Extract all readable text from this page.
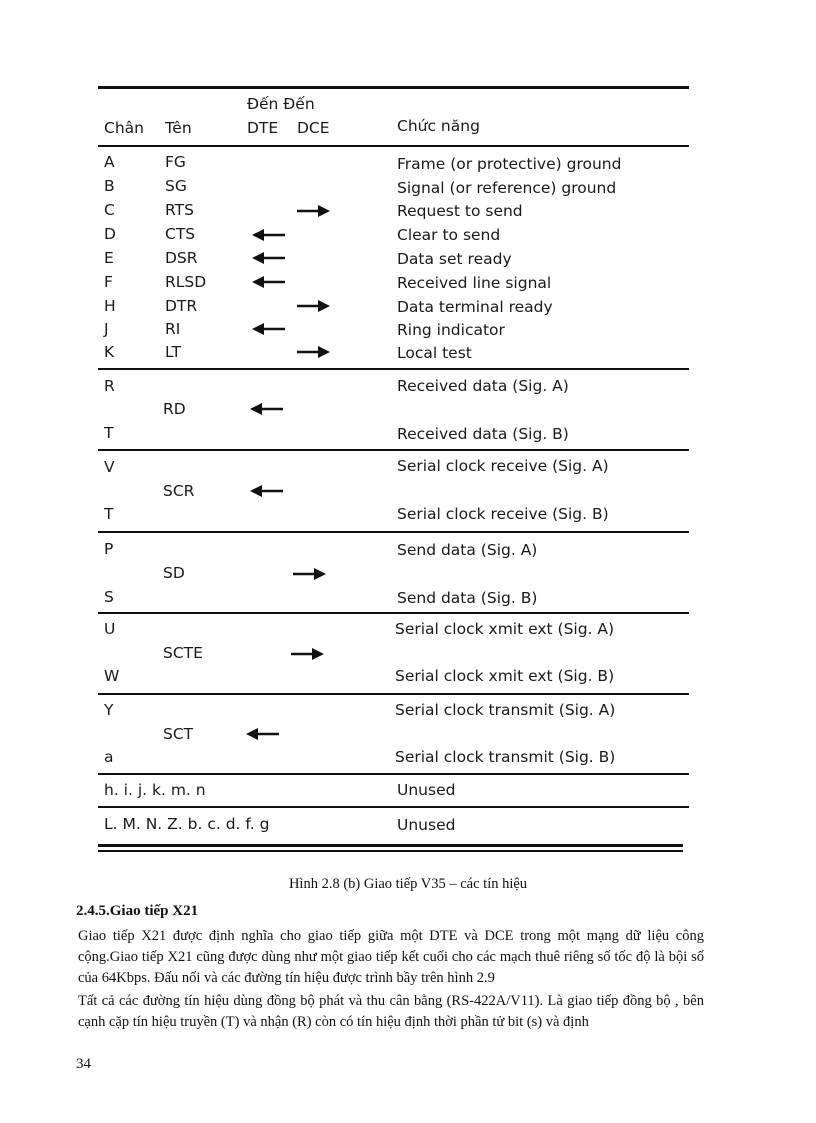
Đến Đến
Chân Tên	DTE DCE	Chức năng
A	FG	Frame (or protective) ground
B	SG	Signal (or reference) ground
C	RTS	Request to send
D	CTS	Clear to send
E	DSR	Data set ready
F	RLSD	Received line signal
H	DTR	Data terminal ready
J	RI	Ring indicator
K	LT	Local test
R	Received data (Sig. A)
RD
T	Received data (Sig. B)
V	Serial clock receive (Sig. A)
SCR
T	Serial clock receive (Sig. B)
P	Send data (Sig. A)
SD
S	Send data (Sig. B)
U	Serial clock xmit ext (Sig. A)
SCTE
W	Serial clock xmit ext (Sig. B)
Y	Serial clock transmit (Sig. A)
SCT
a	Serial clock transmit (Sig. B)
h. i. j. k. m. n	Unused
L. M. N. Z. b. c. d. f. g	Unused
Hình 2.8 (b) Giao tiếp V35 – các tín hiệu
2.4.5.Giao tiếp X21

Giao tiếp X21 được định nghĩa cho giao tiếp giữa một DTE và DCE trong một mạng dữ liệu công cộng.Giao tiếp X21 cũng được dùng như một giao tiếp kết cuối cho các mạch thuê riêng số tốc độ là bội số của 64Kbps. Đấu nối và các đường tín hiệu được trình bầy trên hình 2.9

Tất cả các đường tín hiệu dùng đồng bộ phát và thu cân bằng (RS-422A/V11). Là giao tiếp đồng bộ , bên cạnh cặp tín hiệu truyền (T) và nhận (R) còn có tín hiệu định thời phần tử bit (s) và định

34
